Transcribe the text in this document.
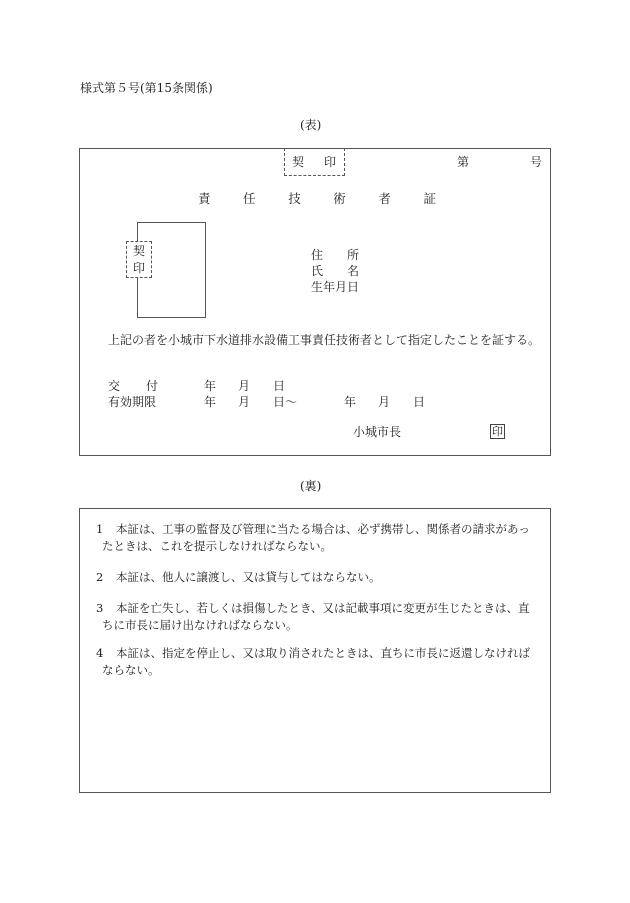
様式第５号(第15条関係)
(表)
契 印	第	号
責	任	技	術	者	証
契
印
住 所
氏 名
生年月日
上記の者を小城市下水道排水設備工事責任技術者として指定したことを証する。
交 付	年 月 日
有効期限	年 月 日〜	年 月 日
小城市長	印
(裏)
1	本証は、工事の監督及び管理に当たる場合は、必ず携帯し、関係者の請求があっ
たときは、これを提示しなければならない。
2	本証は、他人に譲渡し、又は貸与してはならない。
3	本証を亡失し、若しくは損傷したとき、又は記載事項に変更が生じたときは、直
ちに市長に届け出なければならない。
4	本証は、指定を停止し、又は取り消されたときは、直ちに市長に返還しなければ
ならない。
